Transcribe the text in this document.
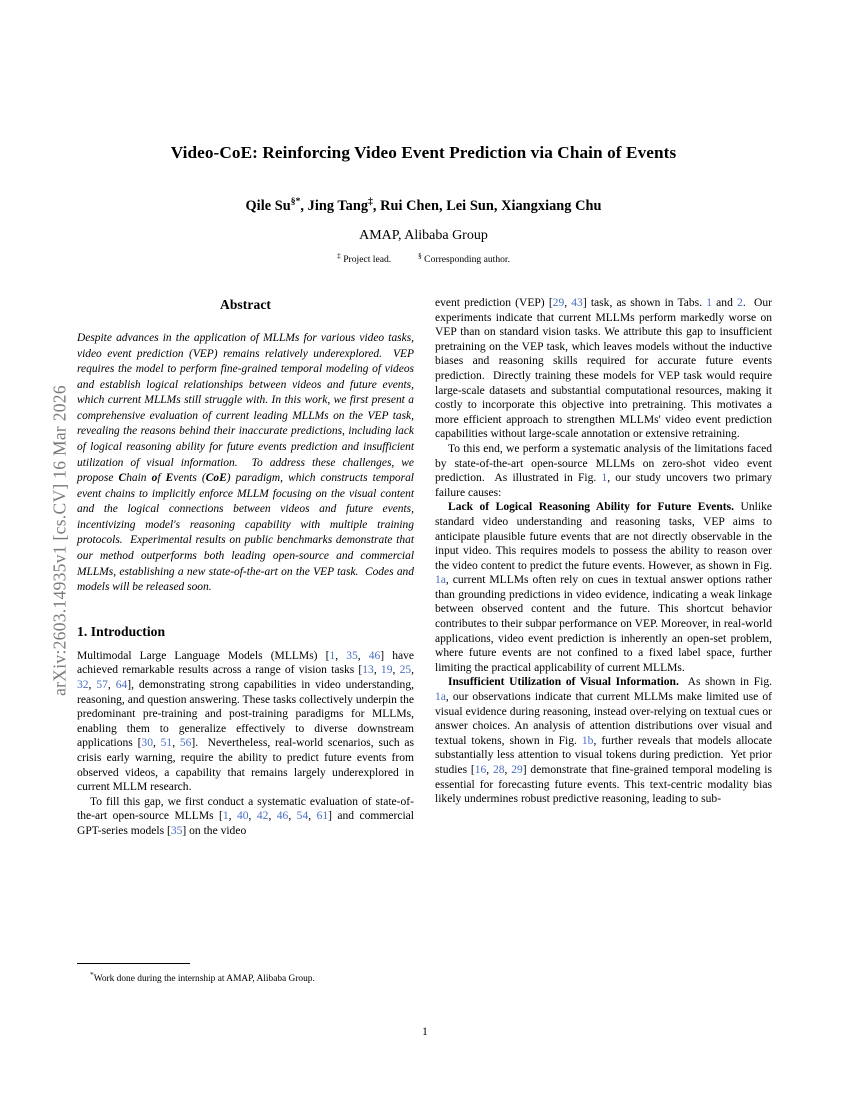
arXiv:2603.14935v1 [cs.CV] 16 Mar 2026
Video-CoE: Reinforcing Video Event Prediction via Chain of Events
Qile Su§*, Jing Tang‡, Rui Chen, Lei Sun, Xiangxiang Chu
AMAP, Alibaba Group
‡ Project lead.	§ Corresponding author.
Abstract
Despite advances in the application of MLLMs for various video tasks, video event prediction (VEP) remains relatively underexplored.  VEP requires the model to perform fine-grained temporal modeling of videos and establish logical relationships between videos and future events, which current MLLMs still struggle with. In this work, we first present a comprehensive evaluation of current leading MLLMs on the VEP task, revealing the reasons behind their inaccurate predictions, including lack of logical reasoning ability for future events prediction and insufficient utilization of visual information.  To address these challenges, we propose Chain of Events (CoE) paradigm, which constructs temporal event chains to implicitly enforce MLLM focusing on the visual content and the logical connections between videos and future events, incentivizing model's reasoning capability with multiple training protocols.  Experimental results on public benchmarks demonstrate that our method outperforms both leading open-source and commercial MLLMs, establishing a new state-of-the-art on the VEP task.  Codes and models will be released soon.
1. Introduction

Multimodal Large Language Models (MLLMs) [1, 35, 46] have achieved remarkable results across a range of vision tasks [13, 19, 25, 32, 57, 64], demonstrating strong capabilities in video understanding, reasoning, and question answering. These tasks collectively underpin the predominant pre-training and post-training paradigms for MLLMs, enabling them to generalize effectively to diverse downstream applications [30, 51, 56].  Nevertheless, real-world scenarios, such as crisis early warning, require the ability to predict future events from observed videos, a capability that remains largely underexplored in current MLLM research.

To fill this gap, we first conduct a systematic evaluation of state-of-the-art open-source MLLMs [1, 40, 42, 46, 54, 61] and commercial GPT-series models [35] on the video

event prediction (VEP) [29, 43] task, as shown in Tabs. 1 and 2.  Our experiments indicate that current MLLMs perform markedly worse on VEP than on standard vision tasks. We attribute this gap to insufficient pretraining on the VEP task, which leaves models without the inductive biases and reasoning skills required for accurate future events prediction.  Directly training these models for VEP task would require large-scale datasets and substantial computational resources, making it costly to incorporate this objective into pretraining. This motivates a more efficient approach to strengthen MLLMs' video event prediction capabilities without large-scale annotation or extensive retraining.

To this end, we perform a systematic analysis of the limitations faced by state-of-the-art open-source MLLMs on zero-shot video event prediction.  As illustrated in Fig. 1, our study uncovers two primary failure causes:

Lack of Logical Reasoning Ability for Future Events. Unlike standard video understanding and reasoning tasks, VEP aims to anticipate plausible future events that are not directly observable in the input video. This requires models to possess the ability to reason over the video content to predict the future events. However, as shown in Fig. 1a, current MLLMs often rely on cues in textual answer options rather than grounding predictions in video evidence, indicating a weak linkage between observed content and the future. This shortcut behavior contributes to their subpar performance on VEP. Moreover, in real-world applications, video event prediction is inherently an open-set problem, where future events are not confined to a fixed label space, further limiting the practical applicability of current MLLMs.

Insufficient Utilization of Visual Information.  As shown in Fig. 1a, our observations indicate that current MLLMs make limited use of visual evidence during reasoning, instead over-relying on textual cues or answer choices. An analysis of attention distributions over visual and textual tokens, shown in Fig. 1b, further reveals that models allocate substantially less attention to visual tokens during prediction.  Yet prior studies [16, 28, 29] demonstrate that fine-grained temporal modeling is essential for forecasting future events. This text-centric modality bias likely undermines robust predictive reasoning, leading to sub-

*Work done during the internship at AMAP, Alibaba Group.
1
